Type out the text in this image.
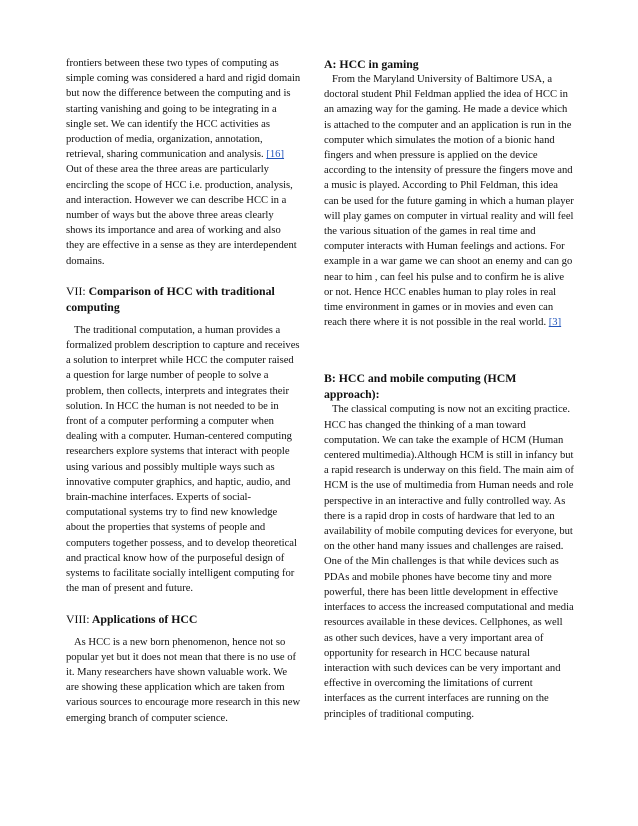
frontiers between these two types of computing as simple coming was considered a hard and rigid domain but now the difference between the computing and is starting vanishing and going to be integrating in a single set. We can identify the HCC activities as production of media, organization, annotation, retrieval, sharing communication and analysis. [16]

Out of these area the three areas are particularly encircling the scope of HCC i.e. production, analysis, and interaction. However we can describe HCC in a number of ways but the above three areas clearly shows its importance and area of working and also they are effective in a sense as they are interdependent domains.

VII: Comparison of HCC with traditional computing

The traditional computation, a human provides a formalized problem description to capture and receives a solution to interpret while HCC the computer raised a question for large number of people to solve a problem, then collects, interprets and integrates their solution. In HCC the human is not needed to be in front of a computer performing a computer when dealing with a computer. Human-centered computing researchers explore systems that interact with people using various and possibly multiple ways such as innovative computer graphics, and haptic, audio, and brain-machine interfaces. Experts of social-computational systems try to find new knowledge about the properties that systems of people and computers together possess, and to develop theoretical and practical know how of the purposeful design of systems to facilitate socially intelligent computing for the man of present and future.

VIII: Applications of HCC

As HCC is a new born phenomenon, hence not so popular yet but it does not mean that there is no use of it. Many researchers have shown valuable work. We are showing these application which are taken from various sources to encourage more research in this new emerging branch of computer science.

A: HCC in gaming

From the Maryland University of Baltimore USA, a doctoral student Phil Feldman applied the idea of HCC in an amazing way for the gaming. He made a device which is attached to the computer and an application is run in the computer which simulates the motion of a bionic hand fingers and when pressure is applied on the device according to the intensity of pressure the fingers move and a music is played. According to Phil Feldman, this idea can be used for the future gaming in which a human player will play games on computer in virtual reality and will feel the various situation of the games in real time and computer interacts with Human feelings and actions. For example in a war game we can shoot an enemy and can go near to him , can feel his pulse and to confirm he is alive or not. Hence HCC enables human to play roles in real time environment in games or in movies and even can reach there where it is not possible in the real world. [3]

B: HCC and mobile computing (HCM approach):

The classical computing is now not an exciting practice. HCC has changed the thinking of a man toward computation. We can take the example of HCM (Human centered multimedia).Although HCM is still in infancy but a rapid research is underway on this field. The main aim of HCM is the use of multimedia from Human needs and role perspective in an interactive and fully controlled way. As there is a rapid drop in costs of hardware that led to an availability of mobile computing devices for everyone, but on the other hand many issues and challenges are raised. One of the Min challenges is that while devices such as PDAs and mobile phones have become tiny and more powerful, there has been little development in effective interfaces to access the increased computational and media resources available in these devices. Cellphones, as well as other such devices, have a very important area of opportunity for research in HCC because natural interaction with such devices can be very important and effective in overcoming the limitations of current interfaces as the current interfaces are running on the principles of traditional computing.
